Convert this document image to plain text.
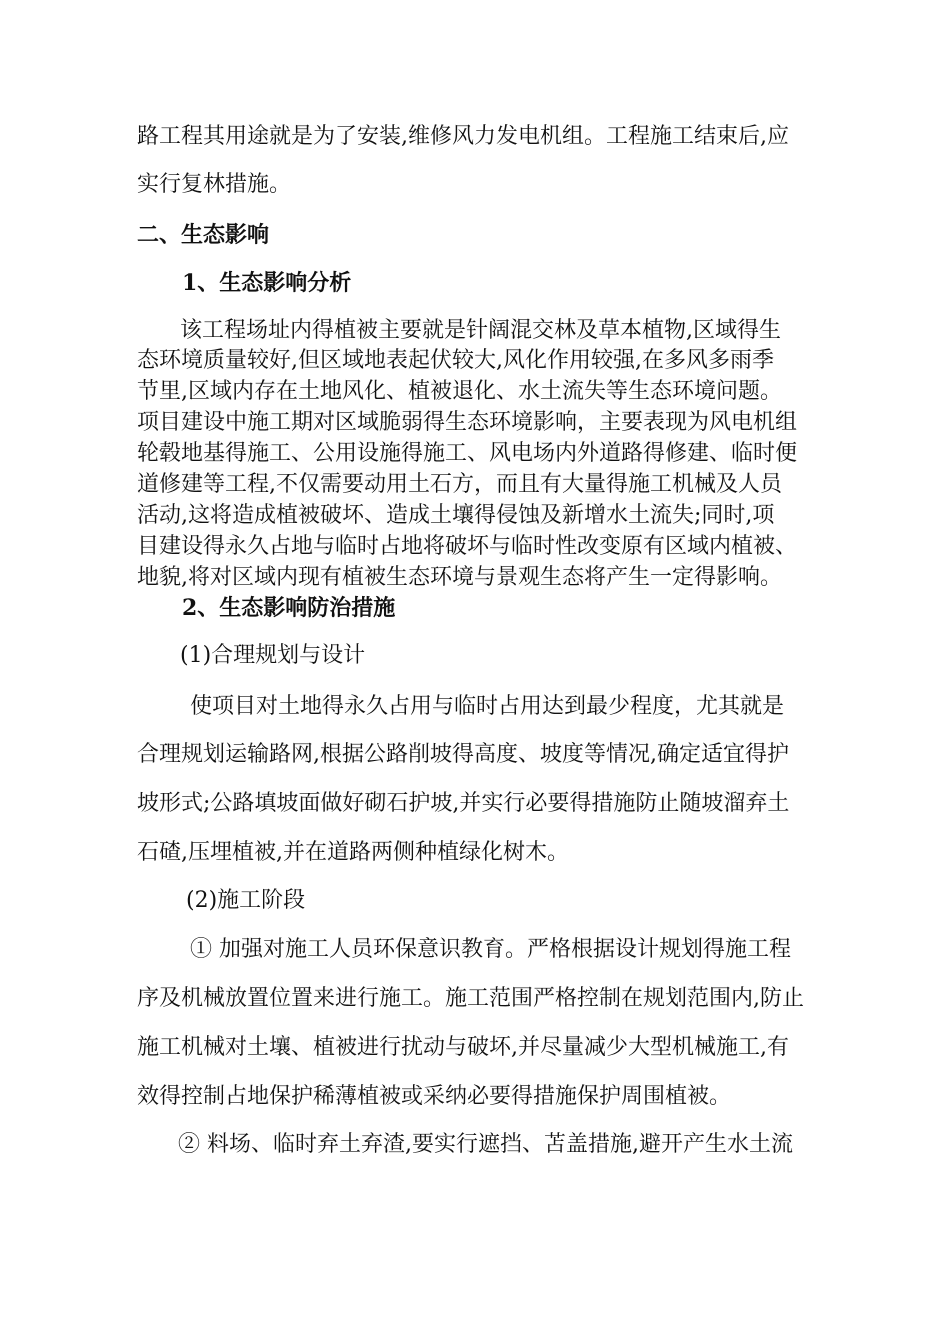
路工程其用途就是为了安装,维修风力发电机组。工程施工结束后,应
实行复林措施。
二、生态影响
1、生态影响分析
该工程场址内得植被主要就是针阔混交林及草本植物,区域得生
态环境质量较好,但区域地表起伏较大,风化作用较强,在多风多雨季
节里,区域内存在土地风化、植被退化、水土流失等生态环境问题。
项目建设中施工期对区域脆弱得生态环境影响，主要表现为风电机组
轮毂地基得施工、公用设施得施工、风电场内外道路得修建、临时便
道修建等工程,不仅需要动用土石方，而且有大量得施工机械及人员
活动,这将造成植被破坏、造成土壤得侵蚀及新增水土流失;同时,项
目建设得永久占地与临时占地将破坏与临时性改变原有区域内植被、
地貌,将对区域内现有植被生态环境与景观生态将产生一定得影响。
2、生态影响防治措施
(1)合理规划与设计
使项目对土地得永久占用与临时占用达到最少程度，尤其就是
合理规划运输路网,根据公路削坡得高度、坡度等情况,确定适宜得护
坡形式;公路填坡面做好砌石护坡,并实行必要得措施防止随坡溜弃土
石碴,压埋植被,并在道路两侧种植绿化树木。
(2)施工阶段
① 加强对施工人员环保意识教育。严格根据设计规划得施工程
序及机械放置位置来进行施工。施工范围严格控制在规划范围内,防止
施工机械对土壤、植被进行扰动与破坏,并尽量减少大型机械施工,有
效得控制占地保护稀薄植被或采纳必要得措施保护周围植被。
② 料场、临时弃土弃渣,要实行遮挡、苫盖措施,避开产生水土流
